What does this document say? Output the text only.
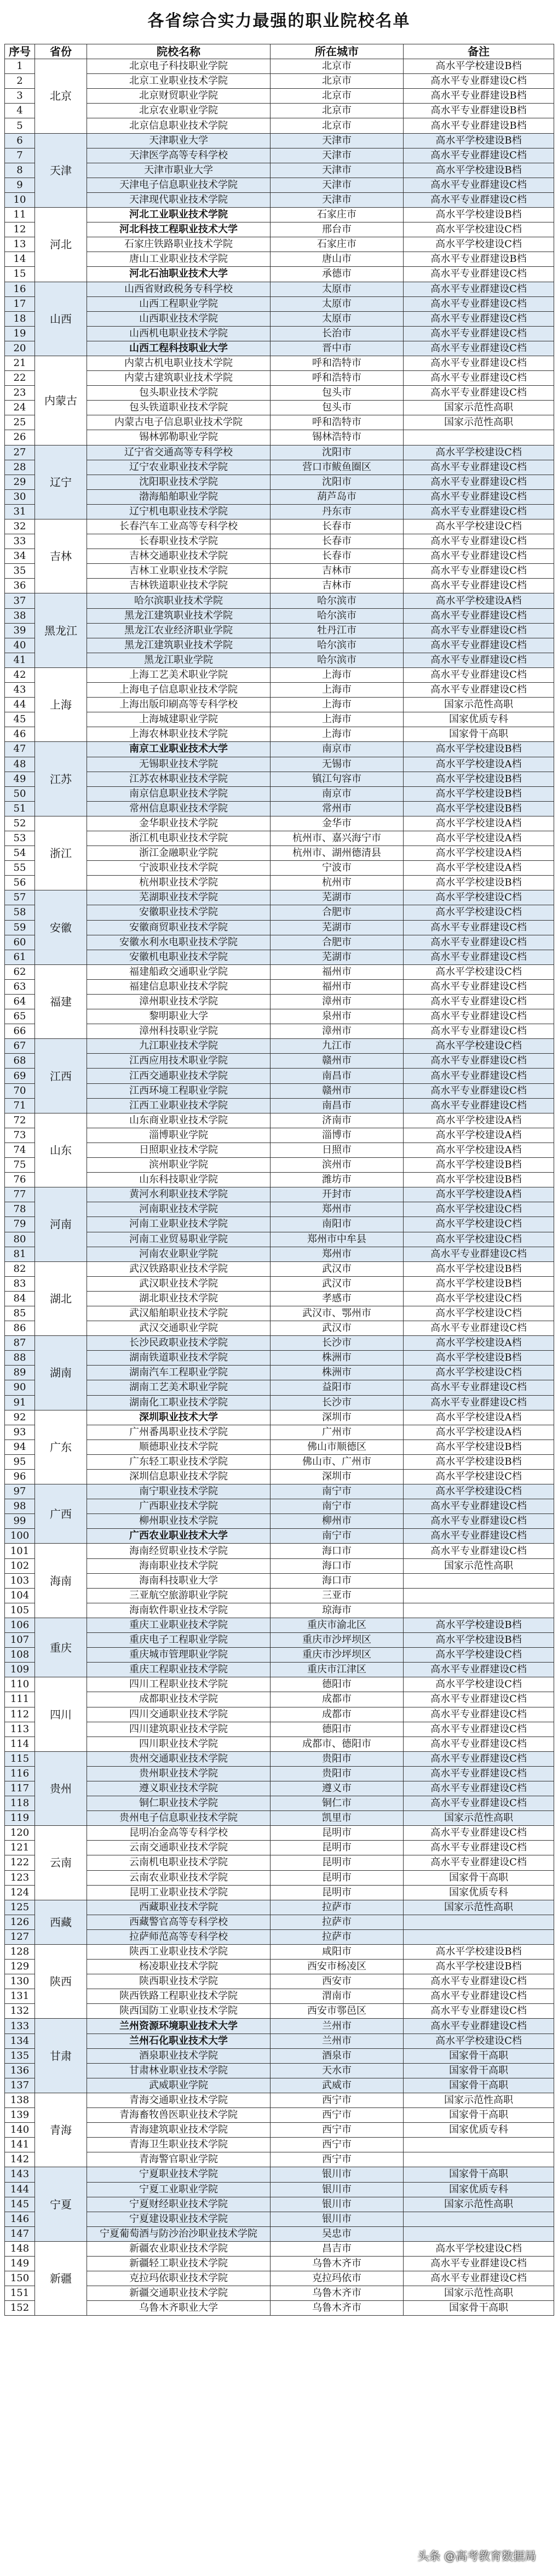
各省综合实力最强的职业院校名单
序号	省份	院校名称	所在城市	备注
1	北京	北京电子科技职业学院	北京市	高水平学校建设B档
2		北京工业职业技术学院	北京市	高水平专业群建设C档
3		北京财贸职业学院	北京市	高水平专业群建设B档
4		北京农业职业学院	北京市	高水平专业群建设B档
5		北京信息职业技术学院	北京市	高水平专业群建设B档
6	天津	天津职业大学	天津市	高水平学校建设B档
7		天津医学高等专科学校	天津市	高水平专业群建设C档
8		天津市职业大学	天津市	高水平学校建设B档
9		天津电子信息职业技术学院	天津市	高水平专业群建设C档
10		天津现代职业技术学院	天津市	高水平专业群建设C档
11	河北	河北工业职业技术学院	石家庄市	高水平学校建设B档
12		河北科技工程职业技术大学	邢台市	高水平学校建设C档
13		石家庄铁路职业技术学院	石家庄市	高水平学校建设C档
14		唐山工业职业技术学院	唐山市	高水平专业群建设B档
15		河北石油职业技术大学	承德市	高水平专业群建设C档
16	山西	山西省财政税务专科学校	太原市	高水平专业群建设C档
17		山西工程职业学院	太原市	高水平专业群建设C档
18		山西职业技术学院	太原市	高水平专业群建设C档
19		山西机电职业技术学院	长治市	高水平专业群建设C档
20		山西工程科技职业大学	晋中市	高水平专业群建设C档
21	内蒙古	内蒙古机电职业技术学院	呼和浩特市	高水平专业群建设C档
22		内蒙古建筑职业技术学院	呼和浩特市	高水平专业群建设C档
23		包头职业技术学院	包头市	高水平专业群建设C档
24		包头铁道职业技术学院	包头市	国家示范性高职
25		内蒙古电子信息职业技术学院	呼和浩特市	国家示范性高职
26		锡林郭勒职业学院	锡林浩特市	
27	辽宁	辽宁省交通高等专科学校	沈阳市	高水平学校建设C档
28		辽宁农业职业技术学院	营口市鲅鱼圈区	高水平专业群建设C档
29		沈阳职业技术学院	沈阳市	高水平专业群建设C档
30		渤海船舶职业学院	葫芦岛市	高水平专业群建设C档
31		辽宁机电职业技术学院	丹东市	高水平专业群建设C档
32	吉林	长春汽车工业高等专科学校	长春市	高水平学校建设C档
33		长春职业技术学院	长春市	高水平专业群建设C档
34		吉林交通职业技术学院	长春市	高水平专业群建设C档
35		吉林工业职业技术学院	吉林市	高水平专业群建设C档
36		吉林铁道职业技术学院	吉林市	高水平专业群建设C档
37	黑龙江	哈尔滨职业技术学院	哈尔滨市	高水平学校建设A档
38		黑龙江建筑职业技术学院	哈尔滨市	高水平专业群建设C档
39		黑龙江农业经济职业学院	牡丹江市	高水平专业群建设C档
40		黑龙江建筑职业技术学院	哈尔滨市	高水平专业群建设C档
41		黑龙江职业学院	哈尔滨市	高水平专业群建设C档
42	上海	上海工艺美术职业学院	上海市	高水平专业群建设C档
43		上海电子信息职业技术学院	上海市	高水平专业群建设C档
44		上海出版印刷高等专科学校	上海市	国家示范性高职
45		上海城建职业学院	上海市	国家优质专科
46		上海农林职业技术学院	上海市	国家骨干高职
47	江苏	南京工业职业技术大学	南京市	高水平学校建设B档
48		无锡职业技术学院	无锡市	高水平学校建设A档
49		江苏农林职业技术学院	镇江句容市	高水平学校建设B档
50		南京信息职业技术学院	南京市	高水平学校建设B档
51		常州信息职业技术学院	常州市	高水平学校建设B档
52	浙江	金华职业技术学院	金华市	高水平学校建设A档
53		浙江机电职业技术学院	杭州市、嘉兴海宁市	高水平学校建设A档
54		浙江金融职业学院	杭州市、湖州德清县	高水平学校建设A档
55		宁波职业技术学院	宁波市	高水平学校建设A档
56		杭州职业技术学院	杭州市	高水平学校建设B档
57	安徽	芜湖职业技术学院	芜湖市	高水平学校建设C档
58		安徽职业技术学院	合肥市	高水平学校建设C档
59		安徽商贸职业技术学院	芜湖市	高水平专业群建设C档
60		安徽水利水电职业技术学院	合肥市	高水平专业群建设C档
61		安徽机电职业技术学院	芜湖市	高水平专业群建设C档
62	福建	福建船政交通职业学院	福州市	高水平学校建设C档
63		福建信息职业技术学院	福州市	高水平专业群建设C档
64		漳州职业技术学院	漳州市	高水平专业群建设C档
65		黎明职业大学	泉州市	高水平专业群建设C档
66		漳州科技职业学院	漳州市	高水平专业群建设C档
67	江西	九江职业技术学院	九江市	高水平学校建设C档
68		江西应用技术职业学院	赣州市	高水平专业群建设C档
69		江西交通职业技术学院	南昌市	高水平专业群建设C档
70		江西环境工程职业学院	赣州市	高水平专业群建设C档
71		江西工业职业技术学院	南昌市	高水平专业群建设C档
72	山东	山东商业职业技术学院	济南市	高水平学校建设A档
73		淄博职业学院	淄博市	高水平学校建设A档
74		日照职业技术学院	日照市	高水平学校建设A档
75		滨州职业学院	滨州市	高水平学校建设B档
76		山东科技职业学院	潍坊市	高水平学校建设B档
77	河南	黄河水利职业技术学院	开封市	高水平学校建设A档
78		河南职业技术学院	郑州市	高水平学校建设C档
79		河南工业职业技术学院	南阳市	高水平学校建设C档
80		河南工业贸易职业学院	郑州市中牟县	高水平学校建设C档
81		河南农业职业学院	郑州市	高水平专业群建设C档
82	湖北	武汉铁路职业技术学院	武汉市	高水平学校建设B档
83		武汉职业技术学院	武汉市	高水平学校建设B档
84		湖北职业技术学院	孝感市	高水平学校建设C档
85		武汉船舶职业技术学院	武汉市、鄂州市	高水平学校建设C档
86		武汉交通职业学院	武汉市	高水平专业群建设C档
87	湖南	长沙民政职业技术学院	长沙市	高水平学校建设A档
88		湖南铁道职业技术学院	株洲市	高水平学校建设B档
89		湖南汽车工程职业学院	株洲市	高水平学校建设C档
90		湖南工艺美术职业学院	益阳市	高水平专业群建设C档
91		湖南化工职业技术学院	长沙市	高水平专业群建设C档
92	广东	深圳职业技术大学	深圳市	高水平学校建设A档
93		广州番禺职业技术学院	广州市	高水平学校建设A档
94		顺德职业技术学院	佛山市顺德区	高水平学校建设B档
95		广东轻工职业技术学院	佛山市、广州市	高水平学校建设B档
96		深圳信息职业技术学院	深圳市	高水平学校建设C档
97	广西	南宁职业技术学院	南宁市	高水平学校建设C档
98		广西职业技术学院	南宁市	高水平专业群建设C档
99		柳州职业技术学院	柳州市	高水平专业群建设C档
100		广西农业职业技术大学	南宁市	高水平专业群建设C档
101	海南	海南经贸职业技术学院	海口市	高水平专业群建设C档
102		海南职业技术学院	海口市	国家示范性高职
103		海南科技职业大学	海口市	
104		三亚航空旅游职业学院	三亚市	
105		海南软件职业技术学院	琼海市	
106	重庆	重庆工业职业技术学院	重庆市渝北区	高水平学校建设B档
107		重庆电子工程职业学院	重庆市沙坪坝区	高水平学校建设B档
108		重庆城市管理职业学院	重庆市沙坪坝区	高水平学校建设C档
109		重庆工程职业技术学院	重庆市江津区	高水平专业群建设C档
110	四川	四川工程职业技术学院	德阳市	高水平学校建设C档
111		成都职业技术学院	成都市	高水平专业群建设C档
112		四川交通职业技术学院	成都市	高水平专业群建设C档
113		四川建筑职业技术学院	德阳市	高水平专业群建设C档
114		四川职业技术学院	成都市、德阳市	高水平专业群建设C档
115	贵州	贵州交通职业技术学院	贵阳市	高水平专业群建设C档
116		贵州职业技术学院	贵阳市	高水平专业群建设C档
117		遵义职业技术学院	遵义市	高水平专业群建设C档
118		铜仁职业技术学院	铜仁市	高水平专业群建设C档
119		贵州电子信息职业技术学院	凯里市	国家示范性高职
120	云南	昆明冶金高等专科学校	昆明市	高水平专业群建设C档
121		云南交通职业技术学院	昆明市	高水平专业群建设C档
122		云南机电职业技术学院	昆明市	高水平专业群建设C档
123		云南农业职业技术学院	昆明市	国家骨干高职
124		昆明工业职业技术学院	昆明市	国家优质专科
125	西藏	西藏职业技术学院	拉萨市	国家示范性高职
126		西藏警官高等专科学校	拉萨市	
127		拉萨师范高等专科学校	拉萨市	
128	陕西	陕西工业职业技术学院	咸阳市	高水平学校建设B档
129		杨凌职业技术学院	西安市杨凌区	高水平学校建设B档
130		陕西职业技术学院	西安市	高水平专业群建设C档
131		陕西铁路工程职业技术学院	渭南市	高水平专业群建设C档
132		陕西国防工业职业技术学院	西安市鄠邑区	高水平专业群建设C档
133	甘肃	兰州资源环境职业技术大学	兰州市	高水平专业群建设C档
134		兰州石化职业技术大学	兰州市	高水平学校建设C档
135		酒泉职业技术学院	酒泉市	国家骨干高职
136		甘肃林业职业技术学院	天水市	国家骨干高职
137		武威职业学院	武威市	国家骨干高职
138	青海	青海交通职业技术学院	西宁市	国家示范性高职
139		青海畜牧兽医职业技术学院	西宁市	国家骨干高职
140		青海建筑职业技术学院	西宁市	国家优质专科
141		青海卫生职业技术学院	西宁市	
142		青海警官职业学院	西宁市	
143	宁夏	宁夏职业技术学院	银川市	国家骨干高职
144		宁夏工业职业学院	银川市	国家优质专科
145		宁夏财经职业技术学院	银川市	国家示范性高职
146		宁夏建设职业技术学院	银川市	
147		宁夏葡萄酒与防沙治沙职业技术学院	吴忠市	
148	新疆	新疆农业职业技术学院	昌吉市	高水平学校建设C档
149		新疆轻工职业技术学院	乌鲁木齐市	高水平专业群建设C档
150		克拉玛依职业技术学院	克拉玛依市	高水平专业群建设C档
151		新疆交通职业技术学院	乌鲁木齐市	国家示范性高职
152		乌鲁木齐职业大学	乌鲁木齐市	国家骨干高职
头条 @高考教育数据局
